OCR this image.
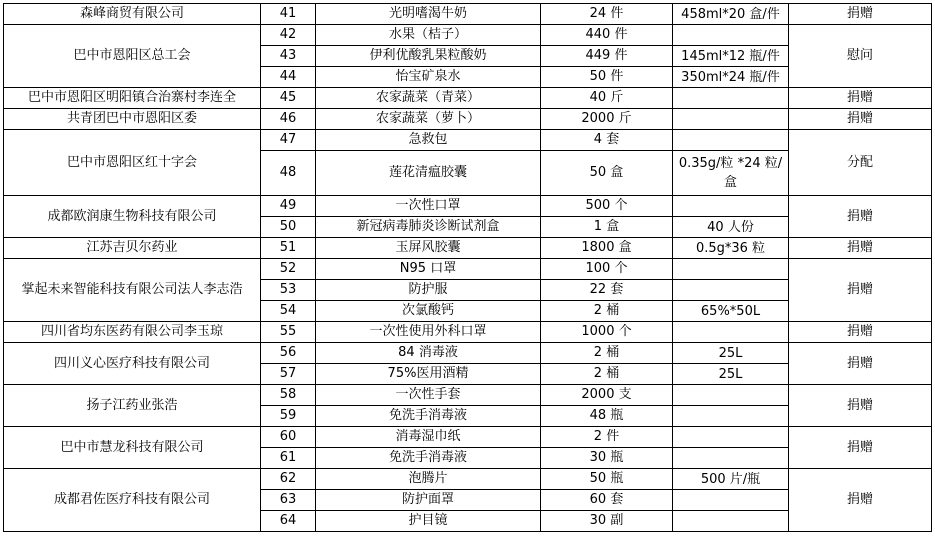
森峰商贸有限公司	41	光明嗜渴牛奶	24 件	458ml*20 盒/件	捐赠
巴中市恩阳区总工会	42	水果（桔子）	440 件		慰问
	43	伊利优酸乳果粒酸奶	449 件	145ml*12 瓶/件	
	44	怡宝矿泉水	50 件	350ml*24 瓶/件	
巴中市恩阳区明阳镇合治寨村李连全	45	农家蔬菜（青菜）	40 斤		捐赠
共青团巴中市恩阳区委	46	农家蔬菜（萝卜）	2000 斤		捐赠
巴中市恩阳区红十字会	47	急救包	4 套		分配
	48	莲花清瘟胶囊	50 盒	0.35g/粒 *24 粒/盒	
成都欧润康生物科技有限公司	49	一次性口罩	500 个		捐赠
	50	新冠病毒肺炎诊断试剂盒	1 盒	40 人份	
江苏吉贝尔药业	51	玉屏风胶囊	1800 盒	0.5g*36 粒	捐赠
掌起未来智能科技有限公司法人李志浩	52	N95 口罩	100 个		捐赠
	53	防护服	22 套		
	54	次氯酸钙	2 桶	65%*50L	
四川省均东医药有限公司李玉琼	55	一次性使用外科口罩	1000 个		捐赠
四川义心医疗科技有限公司	56	84 消毒液	2 桶	25L	捐赠
	57	75%医用酒精	2 桶	25L	
扬子江药业张浩	58	一次性手套	2000 支		捐赠
	59	免洗手消毒液	48 瓶		
巴中市慧龙科技有限公司	60	消毒湿巾纸	2 件		捐赠
	61	免洗手消毒液	30 瓶		
成都君佐医疗科技有限公司	62	泡腾片	50 瓶	500 片/瓶	捐赠
	63	防护面罩	60 套		
	64	护目镜	30 副		
